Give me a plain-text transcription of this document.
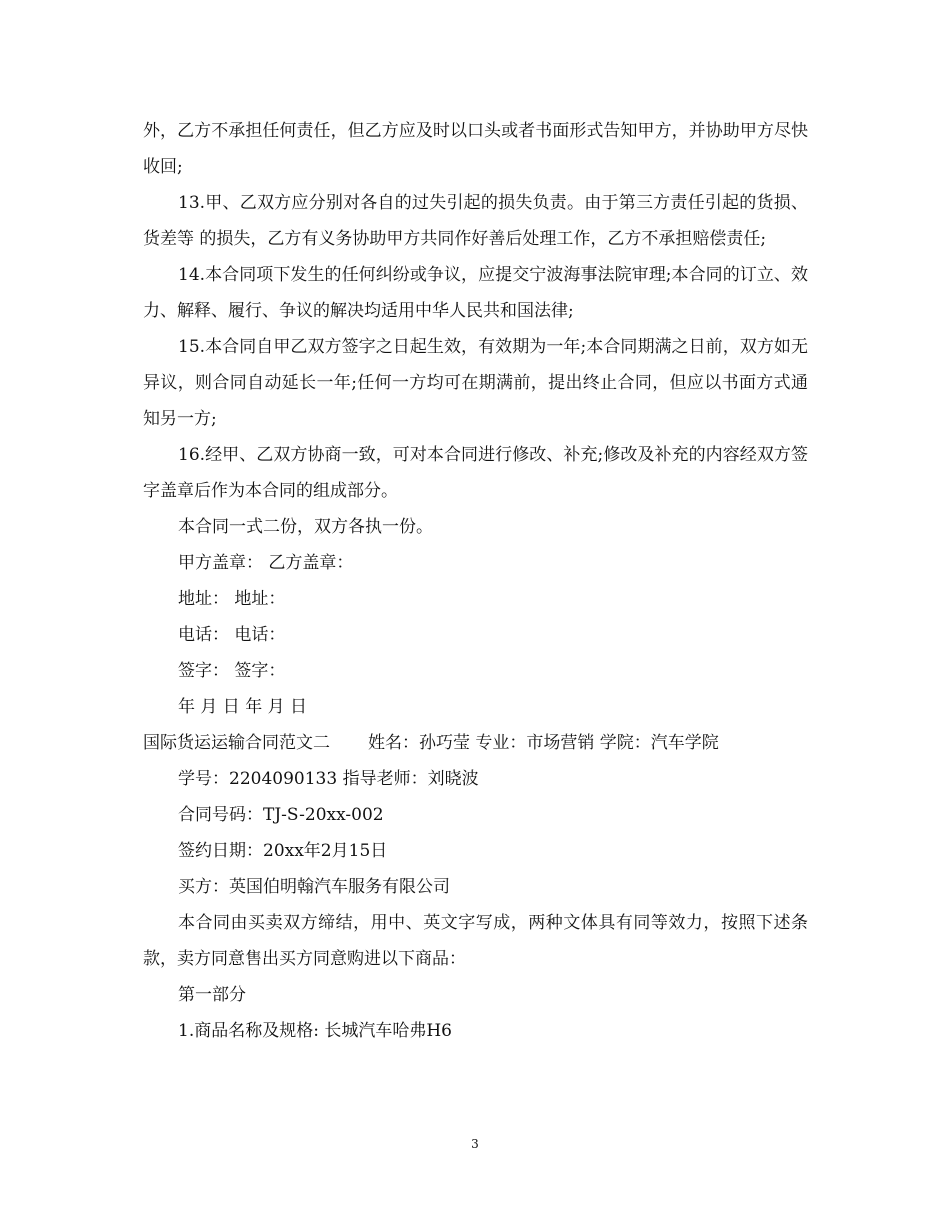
外，乙方不承担任何责任，但乙方应及时以口头或者书面形式告知甲方，并协助甲方尽快收回;

13.甲、乙双方应分别对各自的过失引起的损失负责。由于第三方责任引起的货损、货差等 的损失，乙方有义务协助甲方共同作好善后处理工作，乙方不承担赔偿责任;

14.本合同项下发生的任何纠纷或争议，应提交宁波海事法院审理;本合同的订立、效力、解释、履行、争议的解决均适用中华人民共和国法律;

15.本合同自甲乙双方签字之日起生效，有效期为一年;本合同期满之日前，双方如无异议，则合同自动延长一年;任何一方均可在期满前，提出终止合同，但应以书面方式通知另一方;

16.经甲、乙双方协商一致，可对本合同进行修改、补充;修改及补充的内容经双方签字盖章后作为本合同的组成部分。

本合同一式二份，双方各执一份。

甲方盖章： 乙方盖章：

地址： 地址：

电话： 电话：

签字： 签字：

年 月 日 年 月 日

国际货运运输合同范文二 姓名：孙巧莹 专业：市场营销 学院：汽车学院

学号：2204090133 指导老师：刘晓波

合同号码：TJ-S-20xx-002

签约日期：20xx年2月15日

买方：英国伯明翰汽车服务有限公司

本合同由买卖双方缔结，用中、英文字写成，两种文体具有同等效力，按照下述条款，卖方同意售出买方同意购进以下商品：

第一部分

1.商品名称及规格: 长城汽车哈弗H6

3
